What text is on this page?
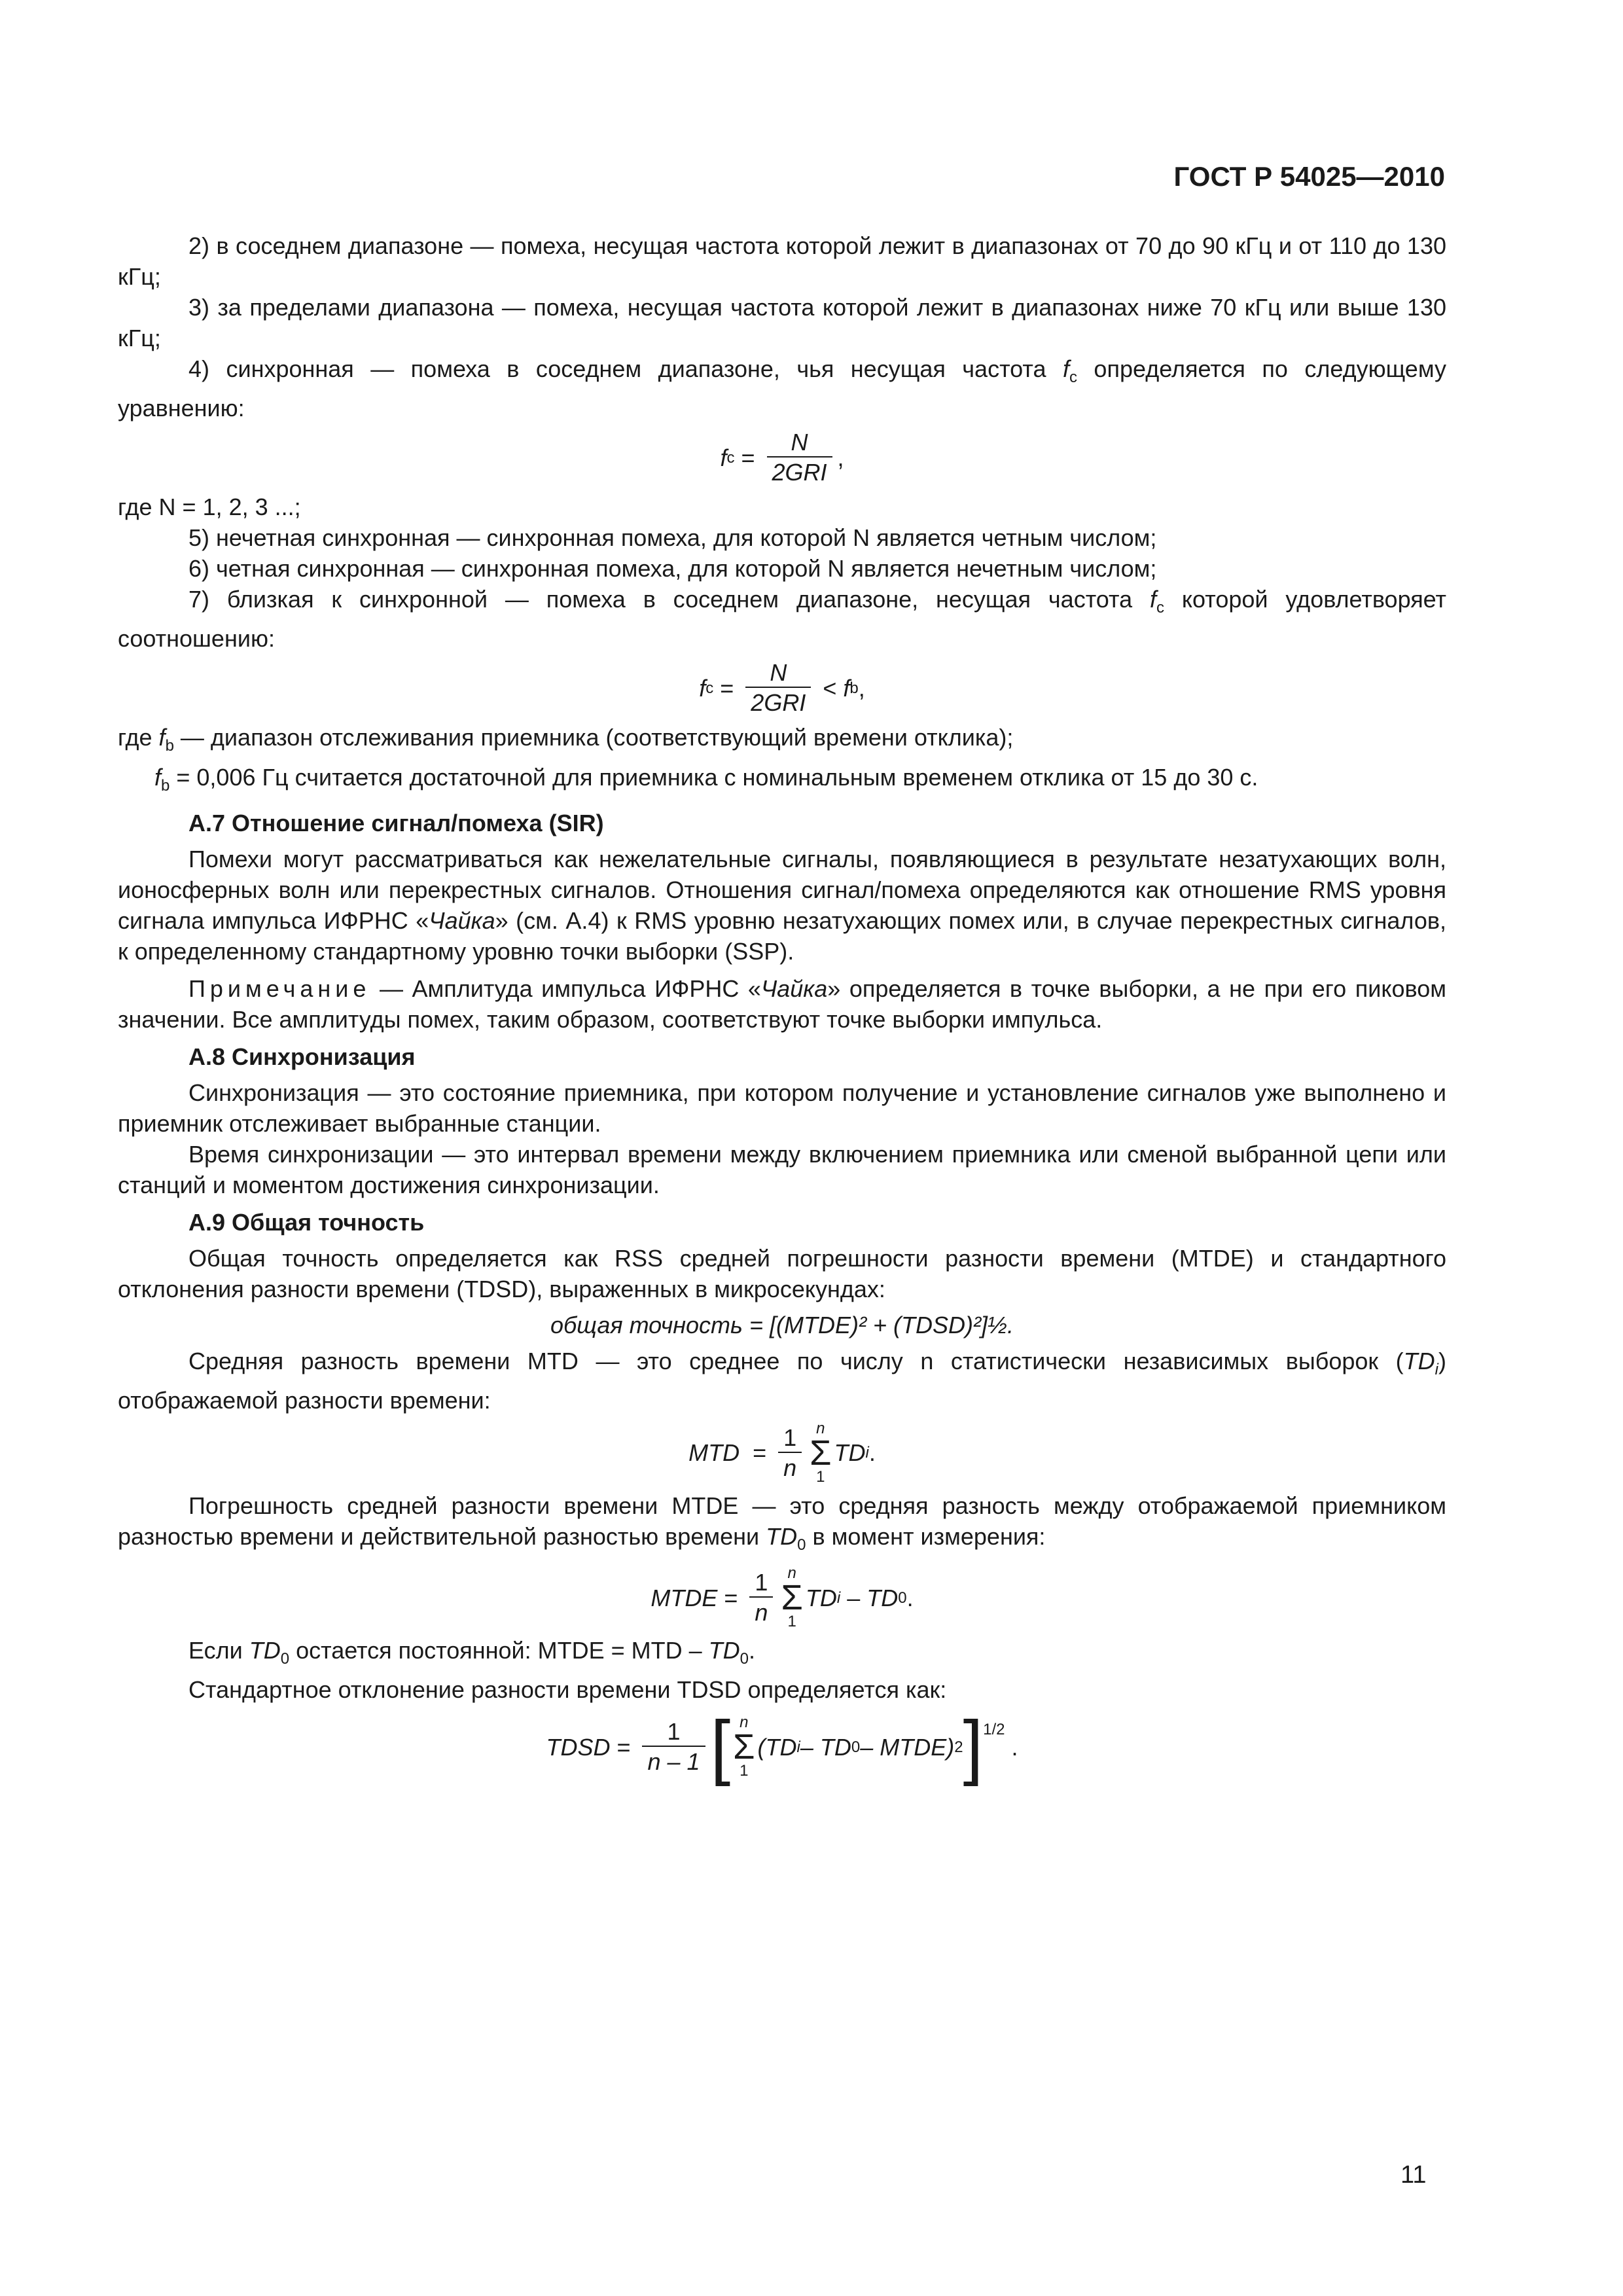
ГОСТ Р 54025—2010

2) в соседнем диапазоне — помеха, несущая частота которой лежит в диапазонах от 70 до 90 кГц и от 110 до 130 кГц;

3) за пределами диапазона — помеха, несущая частота которой лежит в диапазонах ниже 70 кГц или выше 130 кГц;

4) синхронная — помеха в соседнем диапазоне, чья несущая частота $f_c$ определяется по следующему уравнению:

f $c = \frac{N}{\text{2GRI}}$ ,

где N = 1, 2, 3 ...;

5) нечетная синхронная — синхронная помеха, для которой N является четным числом;

6) четная синхронная — синхронная помеха, для которой N является нечетным числом;

7) близкая к синхронной — помеха в соседнем диапазоне, несущая частота $f_c$ которой удовлетворяет соотношению:

f $c = \frac{N}{\text{2GRI}} < f$ b ,

где $f_b$ — диапазон отслеживания приемника (соответствующий времени отклика);

$f_b = 0,006$ Гц считается достаточной для приемника с номинальным временем отклика от 15 до 30 с.

А.7 Отношение сигнал/помеха (SIR)

Помехи могут рассматриваться как нежелательные сигналы, появляющиеся в результате незатухающих волн, ионосферных волн или перекрестных сигналов. Отношения сигнал/помеха определяются как отношение RMS уровня сигнала импульса ИФРНС «Чайка» (см. А.4) к RMS уровню незатухающих помех или, в случае перекрестных сигналов, к определенному стандартному уровню точки выборки (SSP).

Примечание — Амплитуда импульса ИФРНС «Чайка» определяется в точке выборки, а не при его пиковом значении. Все амплитуды помех, таким образом, соответствуют точке выборки импульса.

А.8 Синхронизация

Синхронизация — это состояние приемника, при котором получение и установление сигналов уже выполнено и приемник отслеживает выбранные станции.

Время синхронизации — это интервал времени между включением приемника или сменой выбранной цепи или станций и моментом достижения синхронизации.

А.9 Общая точность

Общая точность определяется как RSS средней погрешности разности времени (MTDE) и стандартного отклонения разности времени (TDSD), выраженных в микросекундах:

общая точность = [(MTDE)² + (TDSD)²]½.

Средняя разность времени MTD — это среднее по числу n статистически независимых выборок $(TD_i)$ отображаемой разности времени:

MTD = $\frac{1}{n}$ n
Σ
1
TD i .

Погрешность средней разности времени MTDE — это средняя разность между отображаемой приемником разностью времени и действительной разностью времени $TD_0$ в момент измерения:

MTDE = $\frac{1}{n}$ n
Σ
1
TD i – TD 0 .

Если $TD_0$ остается постоянной: MTDE = MTD – $TD_0$.

Стандартное отклонение разности времени TDSD определяется как:

TDSD = $\frac{1}{n - 1}$ [ n
Σ
1
(TD i – TD 0 – MTDE) 2 ]$^{1/2}$
.
11
